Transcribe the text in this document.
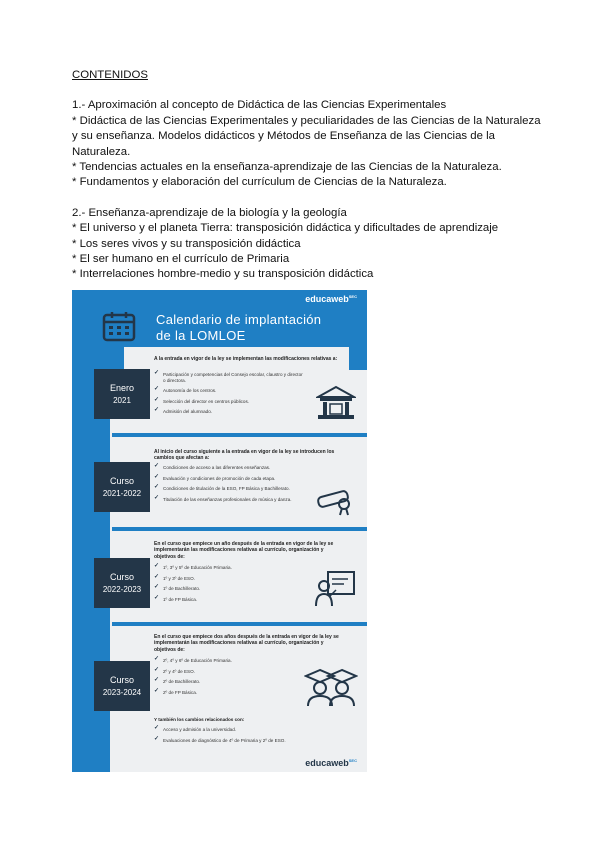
CONTENIDOS
1.- Aproximación al concepto de Didáctica de las Ciencias Experimentales
* Didáctica de las Ciencias Experimentales y peculiaridades de las Ciencias de la Naturaleza y su enseñanza. Modelos didácticos y Métodos de Enseñanza de las Ciencias de la Naturaleza.
* Tendencias actuales en la enseñanza-aprendizaje de las Ciencias de la Naturaleza.
* Fundamentos y elaboración del currículum de Ciencias de la Naturaleza.
2.- Enseñanza-aprendizaje de la biología y la geología
* El universo y el planeta Tierra: transposición didáctica y dificultades de aprendizaje
* Los seres vivos y su transposición didáctica
* El ser humano en el currículo de Primaria
* Interrelaciones hombre-medio y su transposición didáctica
educaweb$^{SEC}$
Calendario de implantación
de la LOMLOE
Enero
2021
A la entrada en vigor de la ley se implementan las modificaciones relativas a:
✓ Participación y competencias del Consejo escolar, claustro y director o directora.
✓ Autonomía de los centros.
✓ Selección del director en centros públicos.
✓ Admisión del alumnado.
Curso
2021-2022
Al inicio del curso siguiente a la entrada en vigor de la ley se introducen los cambios que afectan a:
✓ Condiciones de acceso a las diferentes enseñanzas.
✓ Evaluación y condiciones de promoción de cada etapa.
✓ Condiciones de titulación de la ESO, FP Básica y Bachillerato.
✓ Titulación de las enseñanzas profesionales de música y danza.
Curso
2022-2023
En el curso que empiece un año después de la entrada en vigor de la ley se implementarán las modificaciones relativas al currículo, organización y objetivos de:
✓ 1º, 3º y 5º de Educación Primaria.
✓ 1º y 3º de ESO.
✓ 1º de Bachillerato.
✓ 1º de FP Básica.
Curso
2023-2024
En el curso que empiece dos años después de la entrada en vigor de la ley se implementarán las modificaciones relativas al currículo, organización y objetivos de:
✓ 2º, 4º y 6º de Educación Primaria.
✓ 2º y 4º de ESO.
✓ 2º de Bachillerato.
✓ 2º de FP Básica.
Y también los cambios relacionados con:
✓ Acceso y admisión a la universidad.
✓ Evaluaciones de diagnóstico de 4º de Primaria y 2º de ESO.
educaweb$^{SEC}$
